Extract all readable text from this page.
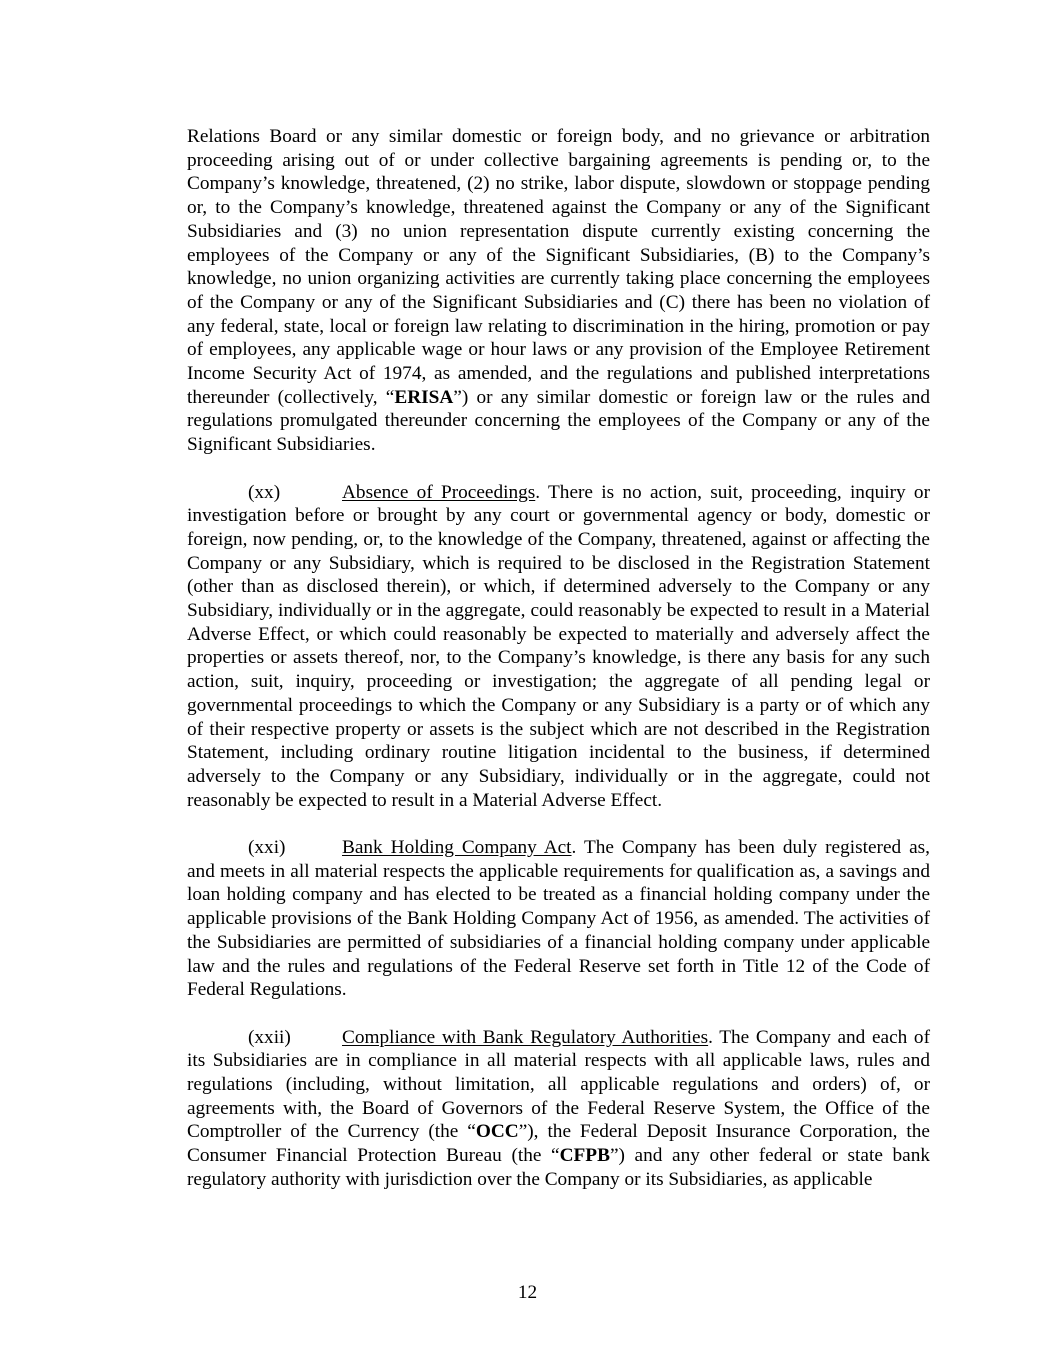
Relations Board or any similar domestic or foreign body, and no grievance or arbitration proceeding arising out of or under collective bargaining agreements is pending or, to the Company’s knowledge, threatened, (2) no strike, labor dispute, slowdown or stoppage pending or, to the Company’s knowledge, threatened against the Company or any of the Significant Subsidiaries and (3) no union representation dispute currently existing concerning the employees of the Company or any of the Significant Subsidiaries, (B) to the Company’s knowledge, no union organizing activities are currently taking place concerning the employees of the Company or any of the Significant Subsidiaries and (C) there has been no violation of any federal, state, local or foreign law relating to discrimination in the hiring, promotion or pay of employees, any applicable wage or hour laws or any provision of the Employee Retirement Income Security Act of 1974, as amended, and the regulations and published interpretations thereunder (collectively, “ERISA”) or any similar domestic or foreign law or the rules and regulations promulgated thereunder concerning the employees of the Company or any of the Significant Subsidiaries.

(xx)	Absence of Proceedings. There is no action, suit, proceeding, inquiry or investigation before or brought by any court or governmental agency or body, domestic or foreign, now pending, or, to the knowledge of the Company, threatened, against or affecting the Company or any Subsidiary, which is required to be disclosed in the Registration Statement (other than as disclosed therein), or which, if determined adversely to the Company or any Subsidiary, individually or in the aggregate, could reasonably be expected to result in a Material Adverse Effect, or which could reasonably be expected to materially and adversely affect the properties or assets thereof, nor, to the Company’s knowledge, is there any basis for any such action, suit, inquiry, proceeding or investigation; the aggregate of all pending legal or governmental proceedings to which the Company or any Subsidiary is a party or of which any of their respective property or assets is the subject which are not described in the Registration Statement, including ordinary routine litigation incidental to the business, if determined adversely to the Company or any Subsidiary, individually or in the aggregate, could not reasonably be expected to result in a Material Adverse Effect.

(xxi)	Bank Holding Company Act. The Company has been duly registered as, and meets in all material respects the applicable requirements for qualification as, a savings and loan holding company and has elected to be treated as a financial holding company under the applicable provisions of the Bank Holding Company Act of 1956, as amended. The activities of the Subsidiaries are permitted of subsidiaries of a financial holding company under applicable law and the rules and regulations of the Federal Reserve set forth in Title 12 of the Code of Federal Regulations.

(xxii)	Compliance with Bank Regulatory Authorities. The Company and each of its Subsidiaries are in compliance in all material respects with all applicable laws, rules and regulations (including, without limitation, all applicable regulations and orders) of, or agreements with, the Board of Governors of the Federal Reserve System, the Office of the Comptroller of the Currency (the “OCC”), the Federal Deposit Insurance Corporation, the Consumer Financial Protection Bureau (the “CFPB”) and any other federal or state bank regulatory authority with jurisdiction over the Company or its Subsidiaries, as applicable

12
